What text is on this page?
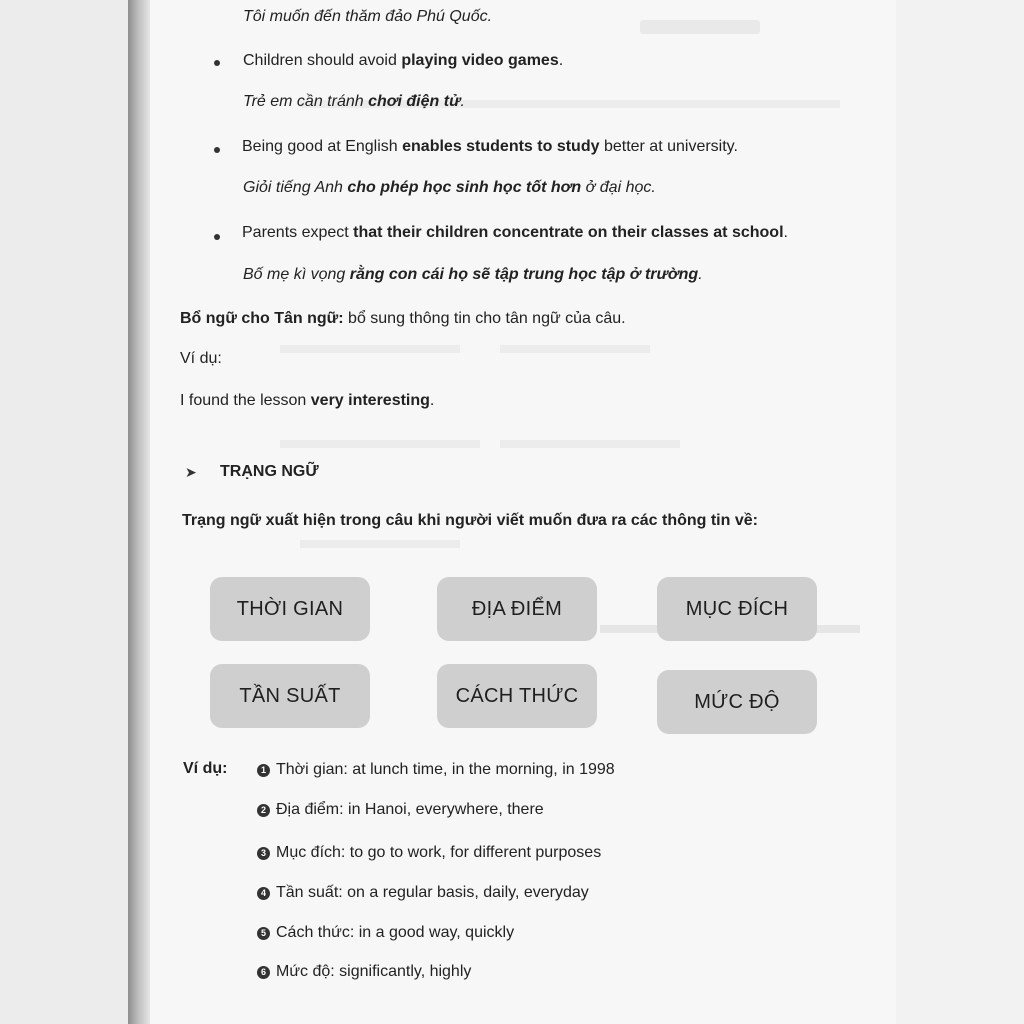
Tôi muốn đến thăm đảo Phú Quốc.
Children should avoid playing video games.
Trẻ em cần tránh chơi điện tử.
Being good at English enables students to study better at university.
Giỏi tiếng Anh cho phép học sinh học tốt hơn ở đại học.
Parents expect that their children concentrate on their classes at school.
Bố mẹ kì vọng rằng con cái họ sẽ tập trung học tập ở trường.
Bổ ngữ cho Tân ngữ: bổ sung thông tin cho tân ngữ của câu.
Ví dụ:
I found the lesson very interesting.
➤ TRẠNG NGỮ
Trạng ngữ xuất hiện trong câu khi người viết muốn đưa ra các thông tin về:
THỜI GIAN	ĐỊA ĐIỂM	MỤC ĐÍCH
TẦN SUẤT	CÁCH THỨC	MỨC ĐỘ
Ví dụ:	1 Thời gian: at lunch time, in the morning, in 1998
2 Địa điểm: in Hanoi, everywhere, there
3 Mục đích: to go to work, for different purposes
4 Tần suất: on a regular basis, daily, everyday
5 Cách thức: in a good way, quickly
6 Mức độ: significantly, highly
